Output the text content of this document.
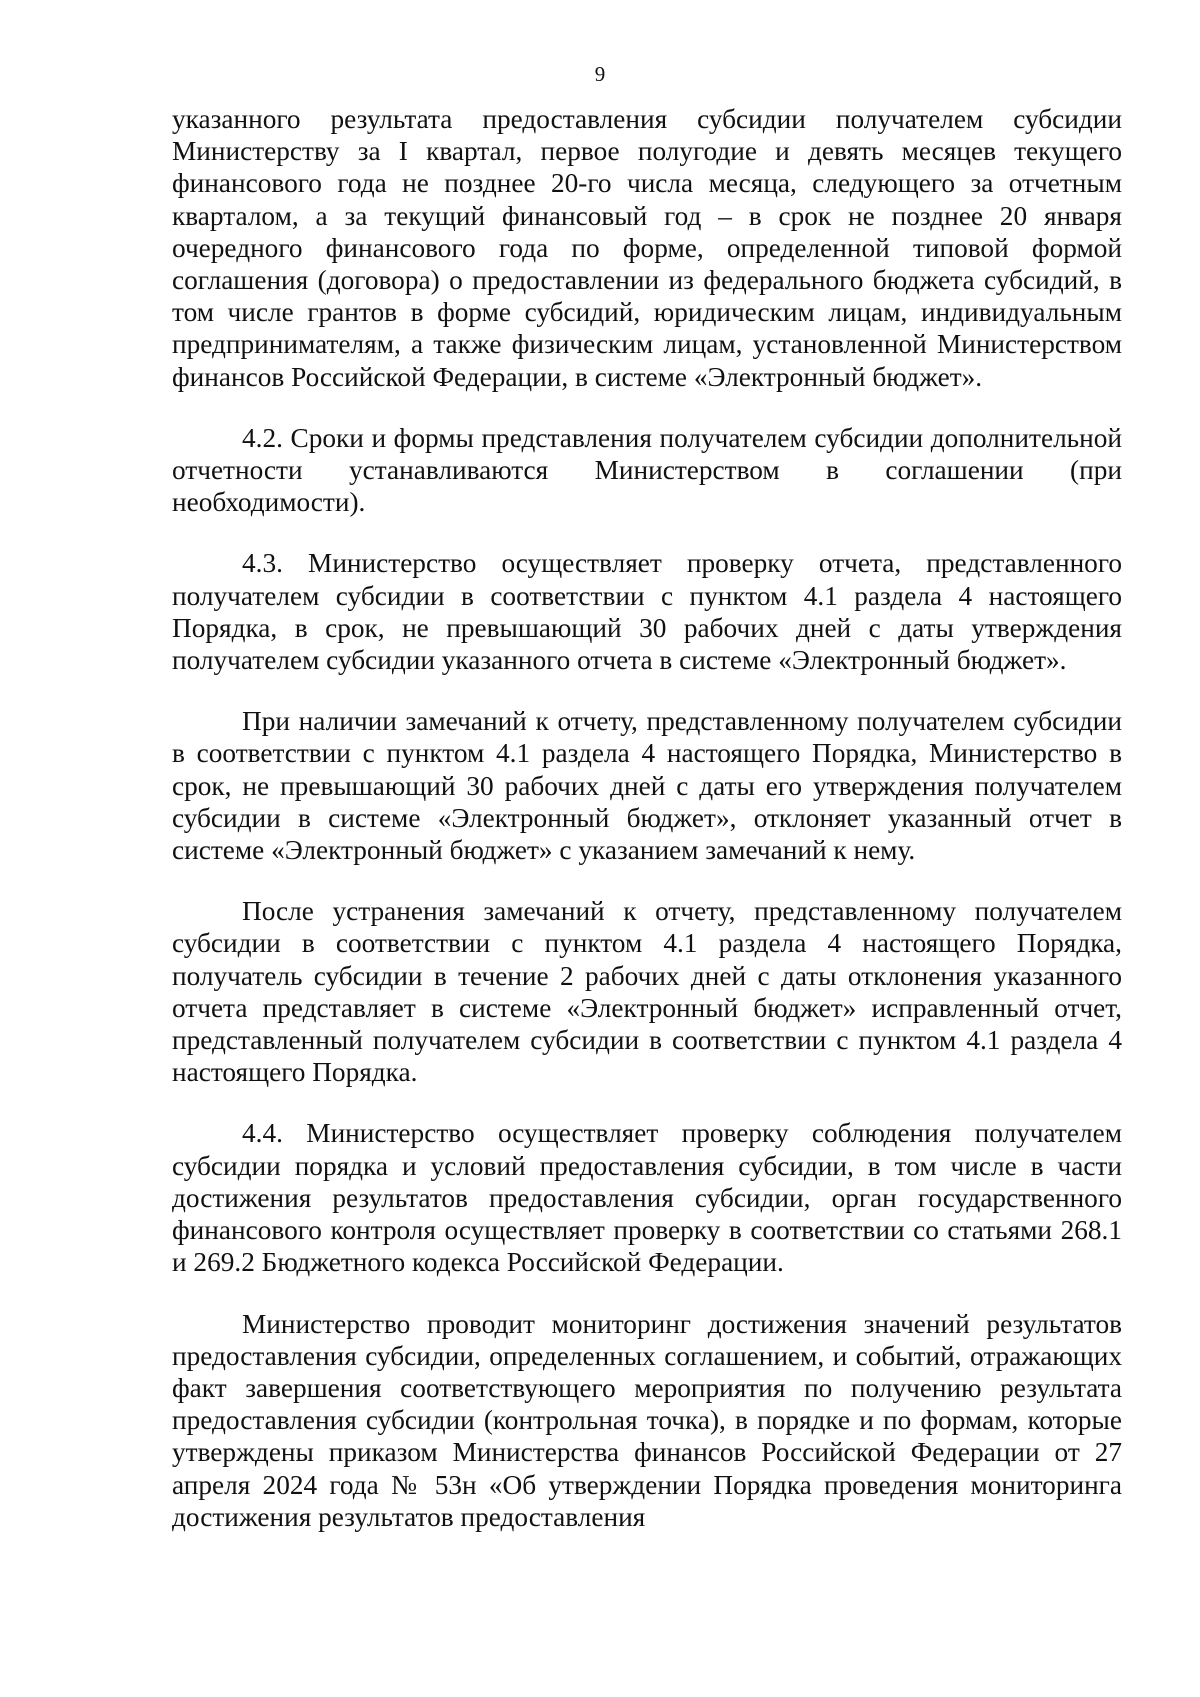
9

указанного результата предоставления субсидии получателем субсидии Министерству за I квартал, первое полугодие и девять месяцев текущего финансового года не позднее 20-го числа месяца, следующего за отчетным кварталом, а за текущий финансовый год – в срок не позднее 20 января очередного финансового года по форме, определенной типовой формой соглашения (договора) о предоставлении из федерального бюджета субсидий, в том числе грантов в форме субсидий, юридическим лицам, индивидуальным предпринимателям, а также физическим лицам, установленной Министерством финансов Российской Федерации, в системе «Электронный бюджет».

4.2. Сроки и формы представления получателем субсидии дополнительной отчетности устанавливаются Министерством в соглашении (при необходимости).

4.3. Министерство осуществляет проверку отчета, представленного получателем субсидии в соответствии с пунктом 4.1 раздела 4 настоящего Порядка, в срок, не превышающий 30 рабочих дней с даты утверждения получателем субсидии указанного отчета в системе «Электронный бюджет».

При наличии замечаний к отчету, представленному получателем субсидии в соответствии с пунктом 4.1 раздела 4 настоящего Порядка, Министерство в срок, не превышающий 30 рабочих дней с даты его утверждения получателем субсидии в системе «Электронный бюджет», отклоняет указанный отчет в системе «Электронный бюджет» с указанием замечаний к нему.

После устранения замечаний к отчету, представленному получателем субсидии в соответствии с пунктом 4.1 раздела 4 настоящего Порядка, получатель субсидии в течение 2 рабочих дней с даты отклонения указанного отчета представляет в системе «Электронный бюджет» исправленный отчет, представленный получателем субсидии в соответствии с пунктом 4.1 раздела 4 настоящего Порядка.

4.4. Министерство осуществляет проверку соблюдения получателем субсидии порядка и условий предоставления субсидии, в том числе в части достижения результатов предоставления субсидии, орган государственного финансового контроля осуществляет проверку в соответствии со статьями 268.1 и 269.2 Бюджетного кодекса Российской Федерации.

Министерство проводит мониторинг достижения значений результатов предоставления субсидии, определенных соглашением, и событий, отражающих факт завершения соответствующего мероприятия по получению результата предоставления субсидии (контрольная точка), в порядке и по формам, которые утверждены приказом Министерства финансов Российской Федерации от 27 апреля 2024 года № 53н «Об утверждении Порядка проведения мониторинга достижения результатов предоставления
